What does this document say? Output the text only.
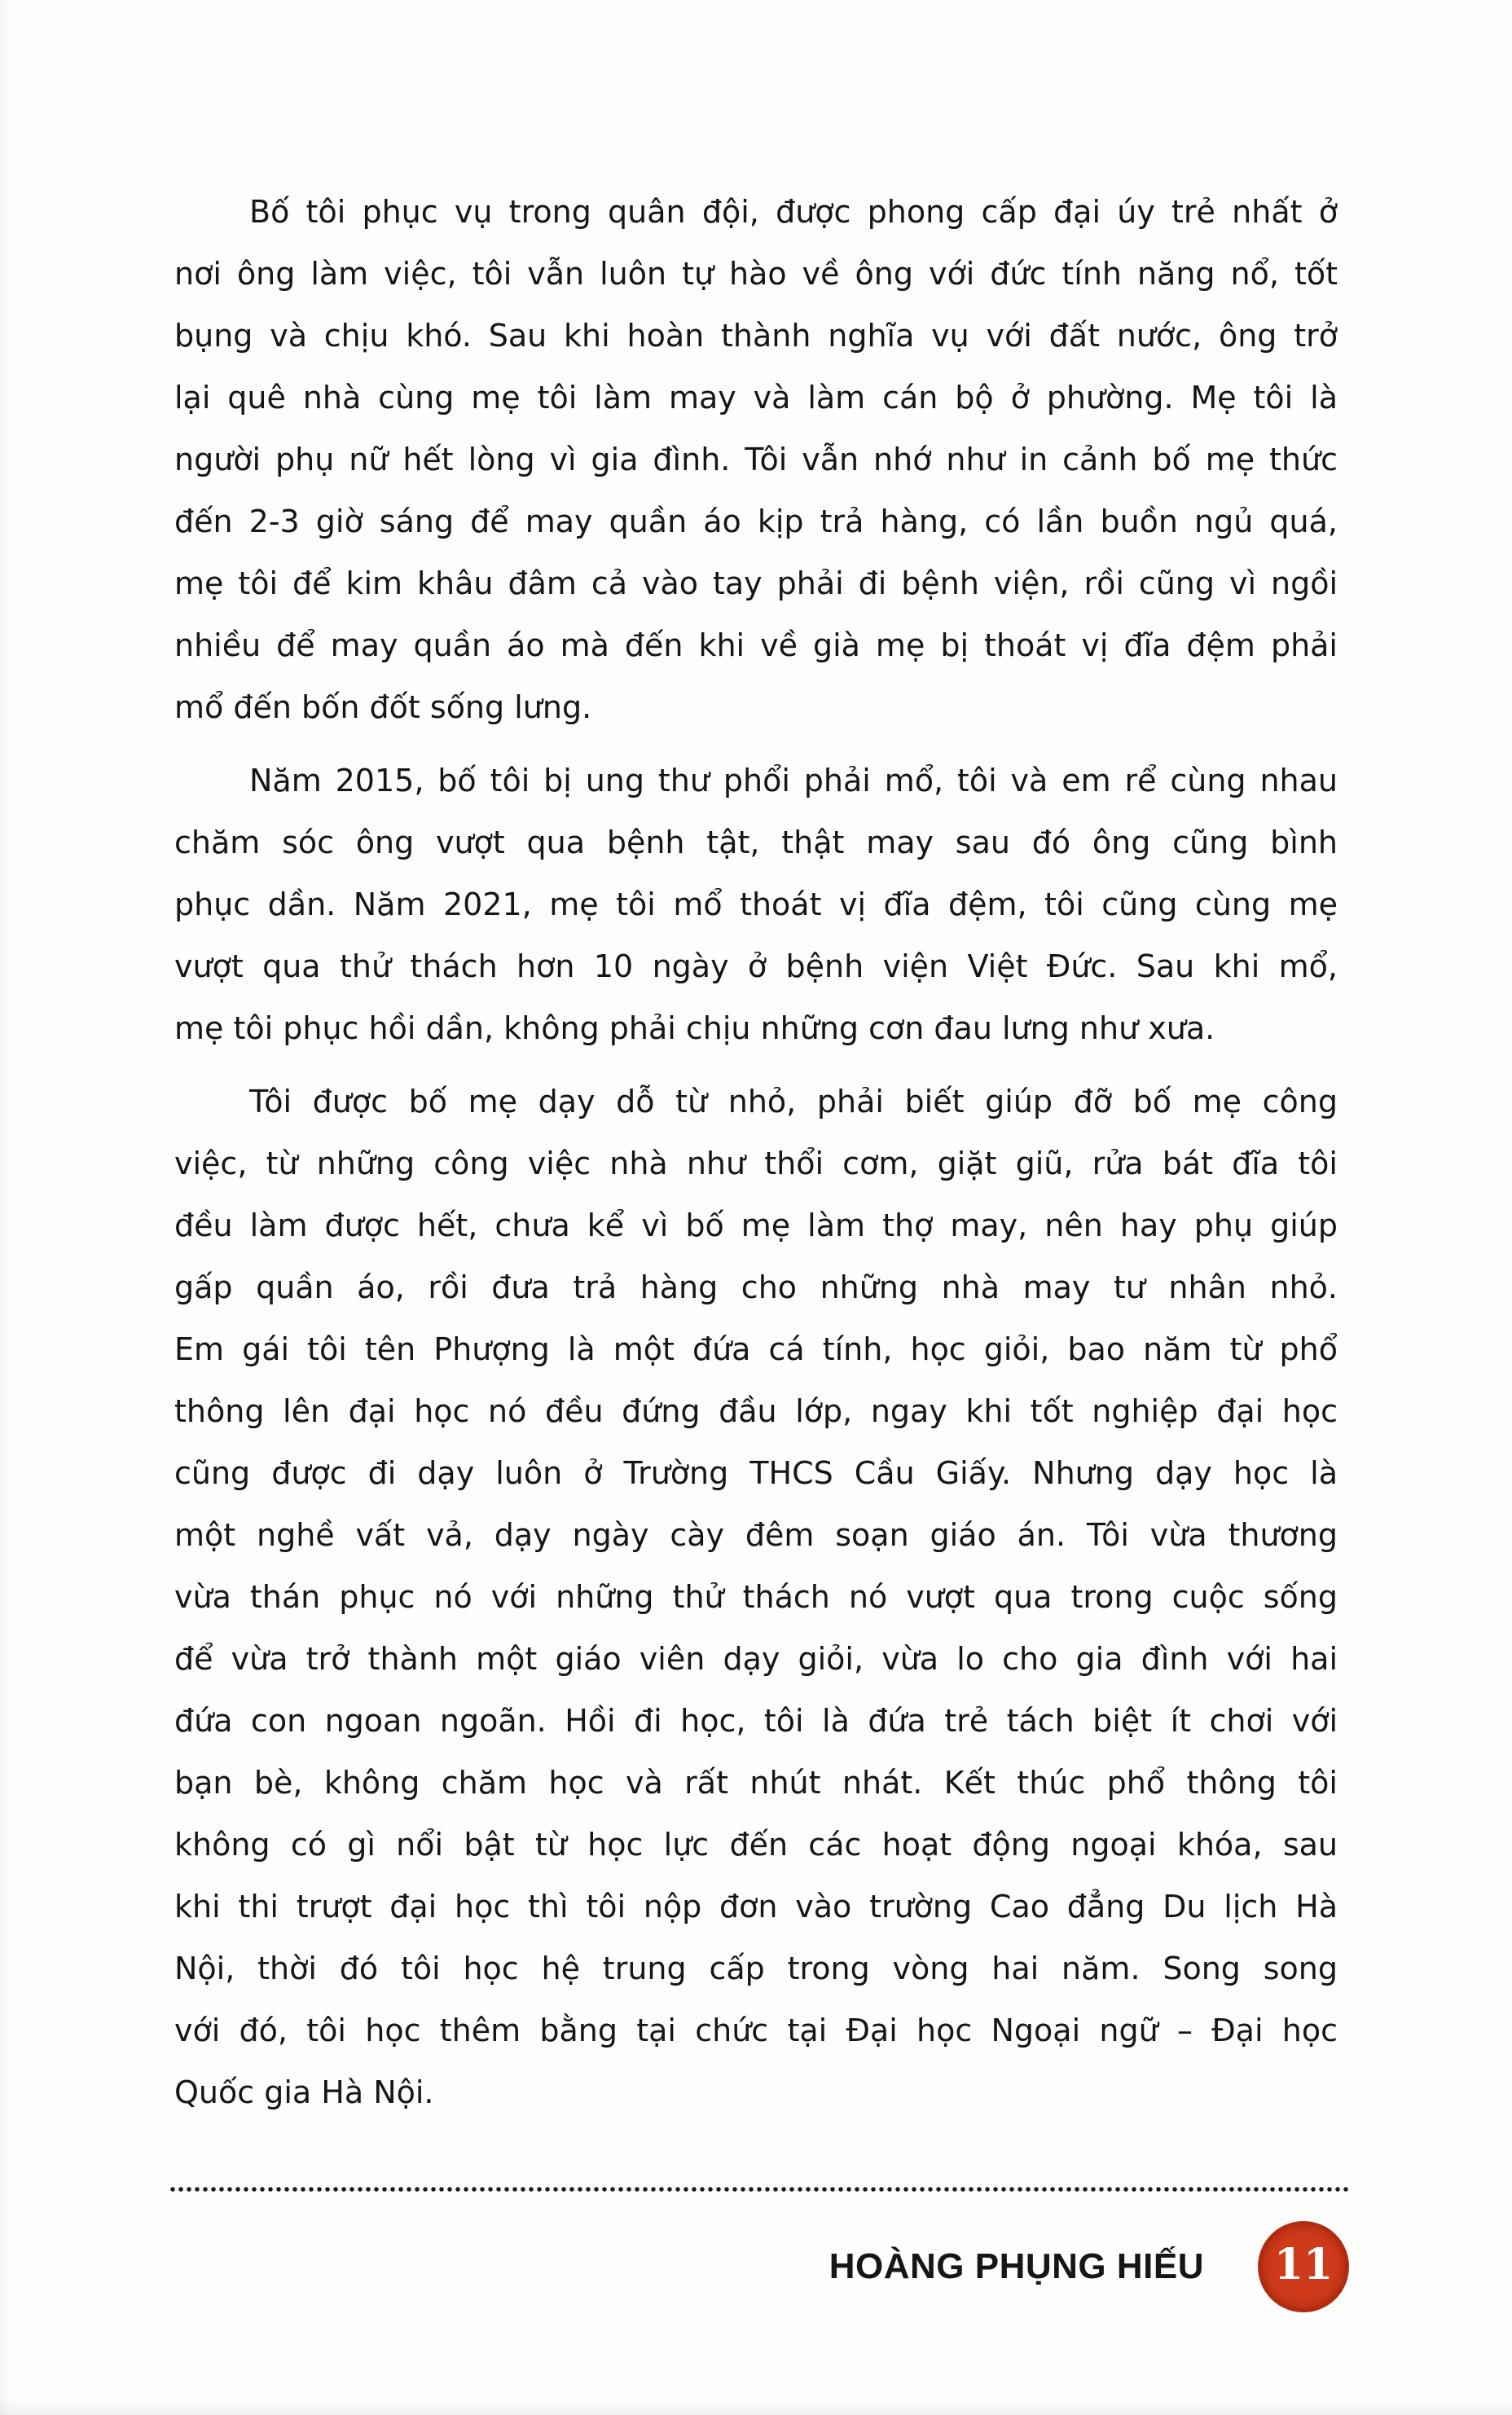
Bố tôi phục vụ trong quân đội, được phong cấp đại úy trẻ nhất ở
nơi ông làm việc, tôi vẫn luôn tự hào về ông với đức tính năng nổ, tốt
bụng và chịu khó. Sau khi hoàn thành nghĩa vụ với đất nước, ông trở
lại quê nhà cùng mẹ tôi làm may và làm cán bộ ở phường. Mẹ tôi là
người phụ nữ hết lòng vì gia đình. Tôi vẫn nhớ như in cảnh bố mẹ thức
đến 2-3 giờ sáng để may quần áo kịp trả hàng, có lần buồn ngủ quá,
mẹ tôi để kim khâu đâm cả vào tay phải đi bệnh viện, rồi cũng vì ngồi
nhiều để may quần áo mà đến khi về già mẹ bị thoát vị đĩa đệm phải
mổ đến bốn đốt sống lưng.
Năm 2015, bố tôi bị ung thư phổi phải mổ, tôi và em rể cùng nhau
chăm sóc ông vượt qua bệnh tật, thật may sau đó ông cũng bình
phục dần. Năm 2021, mẹ tôi mổ thoát vị đĩa đệm, tôi cũng cùng mẹ
vượt qua thử thách hơn 10 ngày ở bệnh viện Việt Đức. Sau khi mổ,
mẹ tôi phục hồi dần, không phải chịu những cơn đau lưng như xưa.
Tôi được bố mẹ dạy dỗ từ nhỏ, phải biết giúp đỡ bố mẹ công
việc, từ những công việc nhà như thổi cơm, giặt giũ, rửa bát đĩa tôi
đều làm được hết, chưa kể vì bố mẹ làm thợ may, nên hay phụ giúp
gấp quần áo, rồi đưa trả hàng cho những nhà may tư nhân nhỏ.
Em gái tôi tên Phượng là một đứa cá tính, học giỏi, bao năm từ phổ
thông lên đại học nó đều đứng đầu lớp, ngay khi tốt nghiệp đại học
cũng được đi dạy luôn ở Trường THCS Cầu Giấy. Nhưng dạy học là
một nghề vất vả, dạy ngày cày đêm soạn giáo án. Tôi vừa thương
vừa thán phục nó với những thử thách nó vượt qua trong cuộc sống
để vừa trở thành một giáo viên dạy giỏi, vừa lo cho gia đình với hai
đứa con ngoan ngoãn. Hồi đi học, tôi là đứa trẻ tách biệt ít chơi với
bạn bè, không chăm học và rất nhút nhát. Kết thúc phổ thông tôi
không có gì nổi bật từ học lực đến các hoạt động ngoại khóa, sau
khi thi trượt đại học thì tôi nộp đơn vào trường Cao đẳng Du lịch Hà
Nội, thời đó tôi học hệ trung cấp trong vòng hai năm. Song song
với đó, tôi học thêm bằng tại chức tại Đại học Ngoại ngữ – Đại học
Quốc gia Hà Nội.
HOÀNG PHỤNG HIẾU 11
